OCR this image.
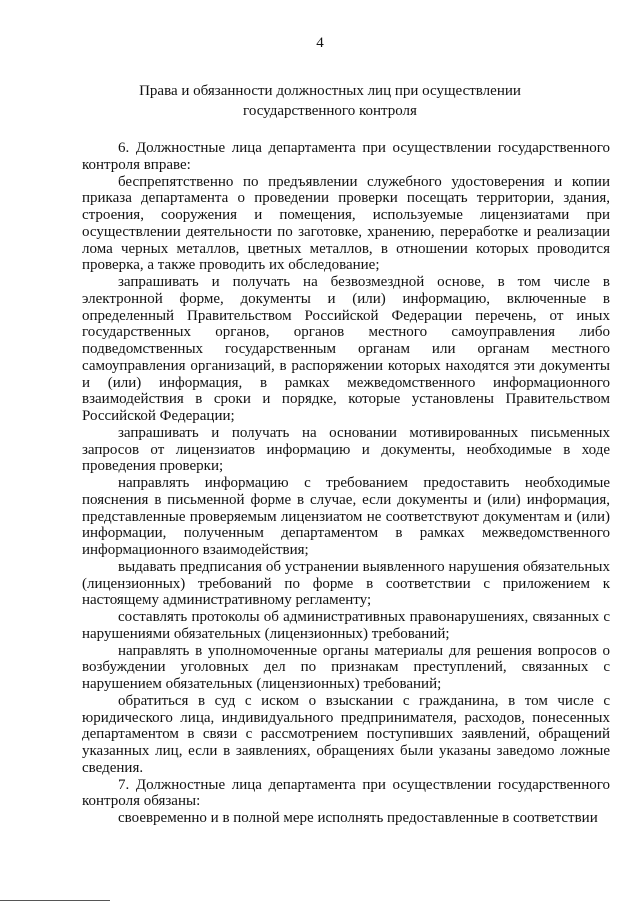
4
Права и обязанности должностных лиц при осуществлении
государственного контроля

6. Должностные лица департамента при осуществлении государственного контроля вправе:

беспрепятственно по предъявлении служебного удостоверения и копии приказа департамента о проведении проверки посещать территории, здания, строения, сооружения и помещения, используемые лицензиатами при осуществлении деятельности по заготовке, хранению, переработке и реализации лома черных металлов, цветных металлов, в отношении которых проводится проверка, а также проводить их обследование;

запрашивать и получать на безвозмездной основе, в том числе в электронной форме, документы и (или) информацию, включенные в определенный Правительством Российской Федерации перечень, от иных государственных органов, органов местного самоуправления либо подведомственных государственным органам или органам местного самоуправления организаций, в распоряжении которых находятся эти документы и (или) информация, в рамках межведомственного информационного взаимодействия в сроки и порядке, которые установлены Правительством Российской Федерации;

запрашивать и получать на основании мотивированных письменных запросов от лицензиатов информацию и документы, необходимые в ходе проведения проверки;

направлять информацию с требованием предоставить необходимые пояснения в письменной форме в случае, если документы и (или) информация, представленные проверяемым лицензиатом не соответствуют документам и (или) информации, полученным департаментом в рамках межведомственного информационного взаимодействия;

выдавать предписания об устранении выявленного нарушения обязательных (лицензионных) требований по форме в соответствии с приложением к настоящему административному регламенту;

составлять протоколы об административных правонарушениях, связанных с нарушениями обязательных (лицензионных) требований;

направлять в уполномоченные органы материалы для решения вопросов о возбуждении уголовных дел по признакам преступлений, связанных с нарушением обязательных (лицензионных) требований;

обратиться в суд с иском о взыскании с гражданина, в том числе с юридического лица, индивидуального предпринимателя, расходов, понесенных департаментом в связи с рассмотрением поступивших заявлений, обращений указанных лиц, если в заявлениях, обращениях были указаны заведомо ложные сведения.

7. Должностные лица департамента при осуществлении государственного контроля обязаны:

своевременно и в полной мере исполнять предоставленные в соответствии
